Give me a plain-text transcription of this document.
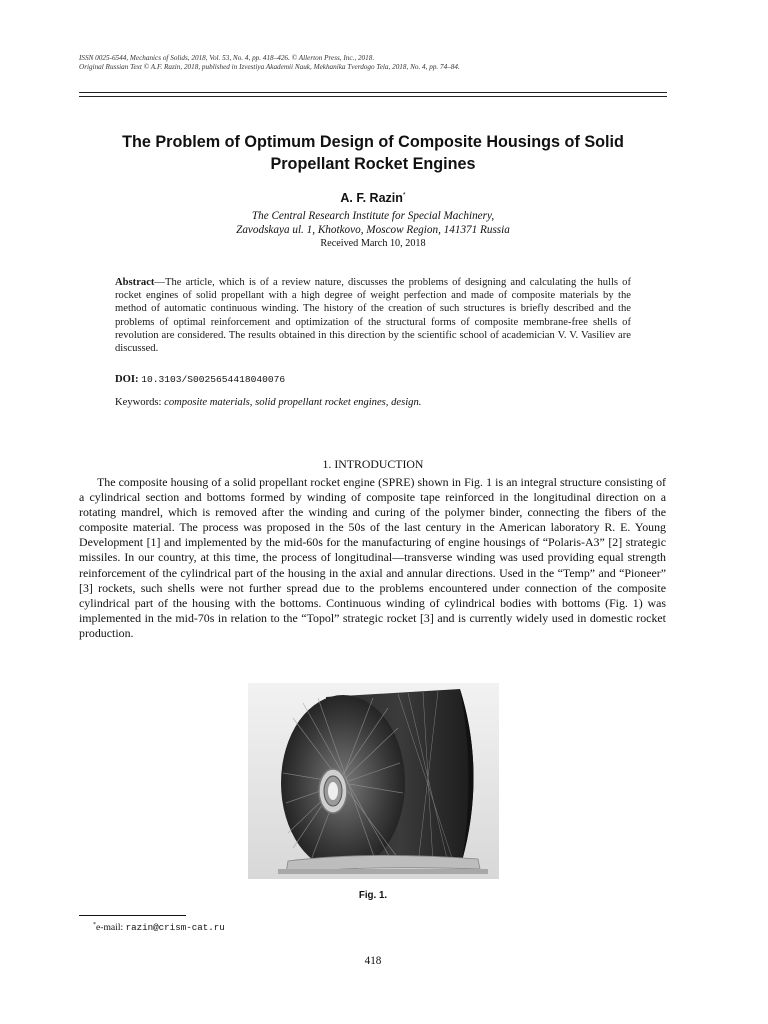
ISSN 0025-6544, Mechanics of Solids, 2018, Vol. 53, No. 4, pp. 418–426. © Allerton Press, Inc., 2018.
Original Russian Text © A.F. Razin, 2018, published in Izvestiya Akademii Nauk, Mekhanika Tverdogo Tela, 2018, No. 4, pp. 74–84.
The Problem of Optimum Design of Composite Housings of Solid
Propellant Rocket Engines
A. F. Razin*
The Central Research Institute for Special Machinery,
Zavodskaya ul. 1, Khotkovo, Moscow Region, 141371 Russia
Received March 10, 2018
Abstract—The article, which is of a review nature, discusses the problems of designing and calculating the hulls of rocket engines of solid propellant with a high degree of weight perfection and made of composite materials by the method of automatic continuous winding. The history of the creation of such structures is briefly described and the problems of optimal reinforcement and optimization of the structural forms of composite membrane-free shells of revolution are considered. The results obtained in this direction by the scientific school of academician V. V. Vasiliev are discussed.
DOI: 10.3103/S0025654418040076
Keywords: composite materials, solid propellant rocket engines, design.
1. INTRODUCTION
The composite housing of a solid propellant rocket engine (SPRE) shown in Fig. 1 is an integral structure consisting of a cylindrical section and bottoms formed by winding of composite tape reinforced in the longitudinal direction on a rotating mandrel, which is removed after the winding and curing of the polymer binder, connecting the fibers of the composite material. The process was proposed in the 50s of the last century in the American laboratory R. E. Young Development [1] and implemented by the mid-60s for the manufacturing of engine housings of “Polaris-A3” [2] strategic missiles. In our country, at this time, the process of longitudinal—transverse winding was used providing equal strength reinforcement of the cylindrical part of the housing in the axial and annular directions. Used in the “Temp” and “Pioneer” [3] rockets, such shells were not further spread due to the problems encountered under connection of the composite cylindrical part of the housing with the bottoms. Continuous winding of cylindrical bodies with bottoms (Fig. 1) was implemented in the mid-70s in relation to the “Topol” strategic rocket [3] and is currently widely used in domestic rocket production.
Fig. 1.
*e-mail: razin@crism-cat.ru
418
